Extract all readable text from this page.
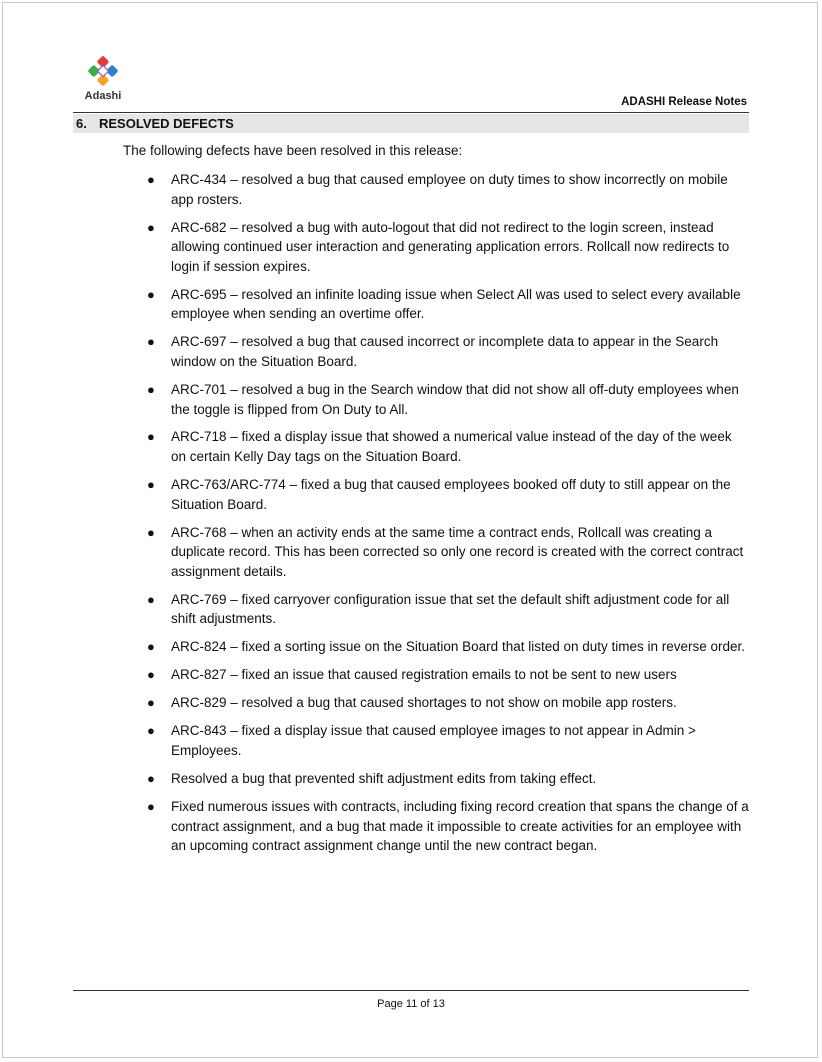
Adashi	ADASHI Release Notes
6. RESOLVED DEFECTS
The following defects have been resolved in this release:
● ARC-434 – resolved a bug that caused employee on duty times to show incorrectly on mobile app rosters.
● ARC-682 – resolved a bug with auto-logout that did not redirect to the login screen, instead allowing continued user interaction and generating application errors. Rollcall now redirects to login if session expires.
● ARC-695 – resolved an infinite loading issue when Select All was used to select every available employee when sending an overtime offer.
● ARC-697 – resolved a bug that caused incorrect or incomplete data to appear in the Search window on the Situation Board.
● ARC-701 – resolved a bug in the Search window that did not show all off-duty employees when the toggle is flipped from On Duty to All.
● ARC-718 – fixed a display issue that showed a numerical value instead of the day of the week on certain Kelly Day tags on the Situation Board.
● ARC-763/ARC-774 – fixed a bug that caused employees booked off duty to still appear on the Situation Board.
● ARC-768 – when an activity ends at the same time a contract ends, Rollcall was creating a duplicate record. This has been corrected so only one record is created with the correct contract assignment details.
● ARC-769 – fixed carryover configuration issue that set the default shift adjustment code for all shift adjustments.
● ARC-824 – fixed a sorting issue on the Situation Board that listed on duty times in reverse order.
● ARC-827 – fixed an issue that caused registration emails to not be sent to new users
● ARC-829 – resolved a bug that caused shortages to not show on mobile app rosters.
● ARC-843 – fixed a display issue that caused employee images to not appear in Admin > Employees.
● Resolved a bug that prevented shift adjustment edits from taking effect.
● Fixed numerous issues with contracts, including fixing record creation that spans the change of a contract assignment, and a bug that made it impossible to create activities for an employee with an upcoming contract assignment change until the new contract began.
Page 11 of 13
